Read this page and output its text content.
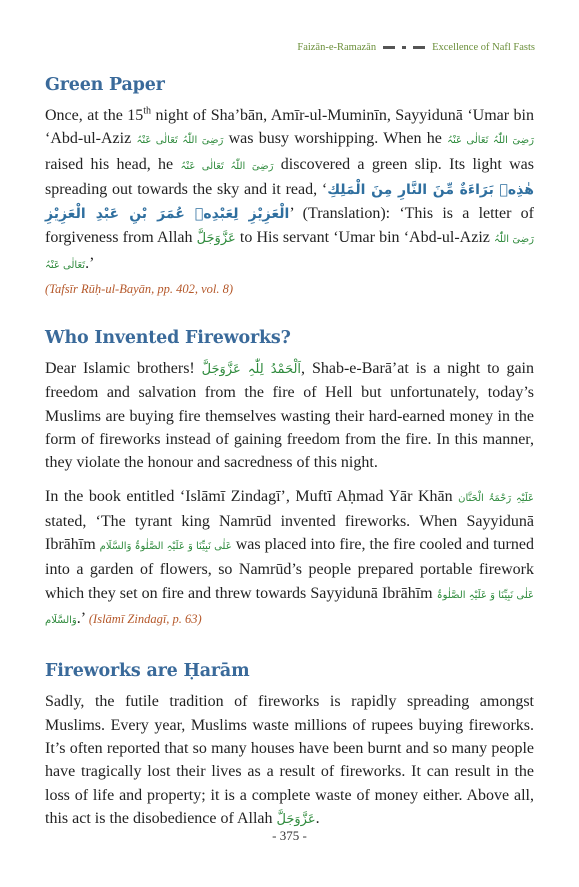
Faizān-e-Ramazān	Excellence of Nafl Fasts
Green Paper

Once, at the 15th night of Sha’bān, Amīr-ul-Muminīn, Sayyidunā ‘Umar bin ‘Abd-ul-Aziz رَضِیَ اللّٰہُ تَعَالٰی عَنْہُ was busy worshipping. When he رَضِیَ اللّٰہُ تَعَالٰی عَنْہُ raised his head, he رَضِیَ اللّٰہُ تَعَالٰی عَنْہُ discovered a green slip. Its light was spreading out towards the sky and it read, ‘هٰذِهٖ بَرَاءَةٌ مِّنَ النَّارِ مِنَ الْمَلِكِ الْعَزِيْزِ لِعَبْدِهٖ عُمَرَ بْنِ عَبْدِ الْعَزِيْزِ’ (Translation): ‘This is a letter of forgiveness from Allah عَزَّوَجَلَّ to His servant ‘Umar bin ‘Abd-ul-Aziz رَضِیَ اللّٰہُ تَعَالٰی عَنْہُ.’

(Tafsīr Rūḥ-ul-Bayān, pp. 402, vol. 8)
Who Invented Fireworks?

Dear Islamic brothers! اَلْحَمْدُ لِلّٰہِ عَزَّوَجَلَّ, Shab-e-Barā’at is a night to gain freedom and salvation from the fire of Hell but unfortunately, today’s Muslims are buying fire themselves wasting their hard-earned money in the form of fireworks instead of gaining freedom from the fire. In this manner, they violate the honour and sacredness of this night.

In the book entitled ‘Islāmī Zindagī’, Muftī Aḥmad Yār Khān عَلَیْہِ رَحْمَۃُ الْحَنَّان stated, ‘The tyrant king Namrūd invented fireworks. When Sayyidunā Ibrāhīm عَلٰی نَبِیِّنَا وَ عَلَیْہِ الصَّلٰوۃُ وَالسَّلَام was placed into fire, the fire cooled and turned into a garden of flowers, so Namrūd’s people prepared portable firework which they set on fire and threw towards Sayyidunā Ibrāhīm عَلٰی نَبِیِّنَا وَ عَلَیْہِ الصَّلٰوۃُ وَالسَّلَام.’ (Islāmī Zindagī, p. 63)

Fireworks are Ḥarām

Sadly, the futile tradition of fireworks is rapidly spreading amongst Muslims. Every year, Muslims waste millions of rupees buying fireworks. It’s often reported that so many houses have been burnt and so many people have tragically lost their lives as a result of fireworks. It can result in the loss of life and property; it is a complete waste of money either. Above all, this act is the disobedience of Allah عَزَّوَجَلَّ.

- 375 -
